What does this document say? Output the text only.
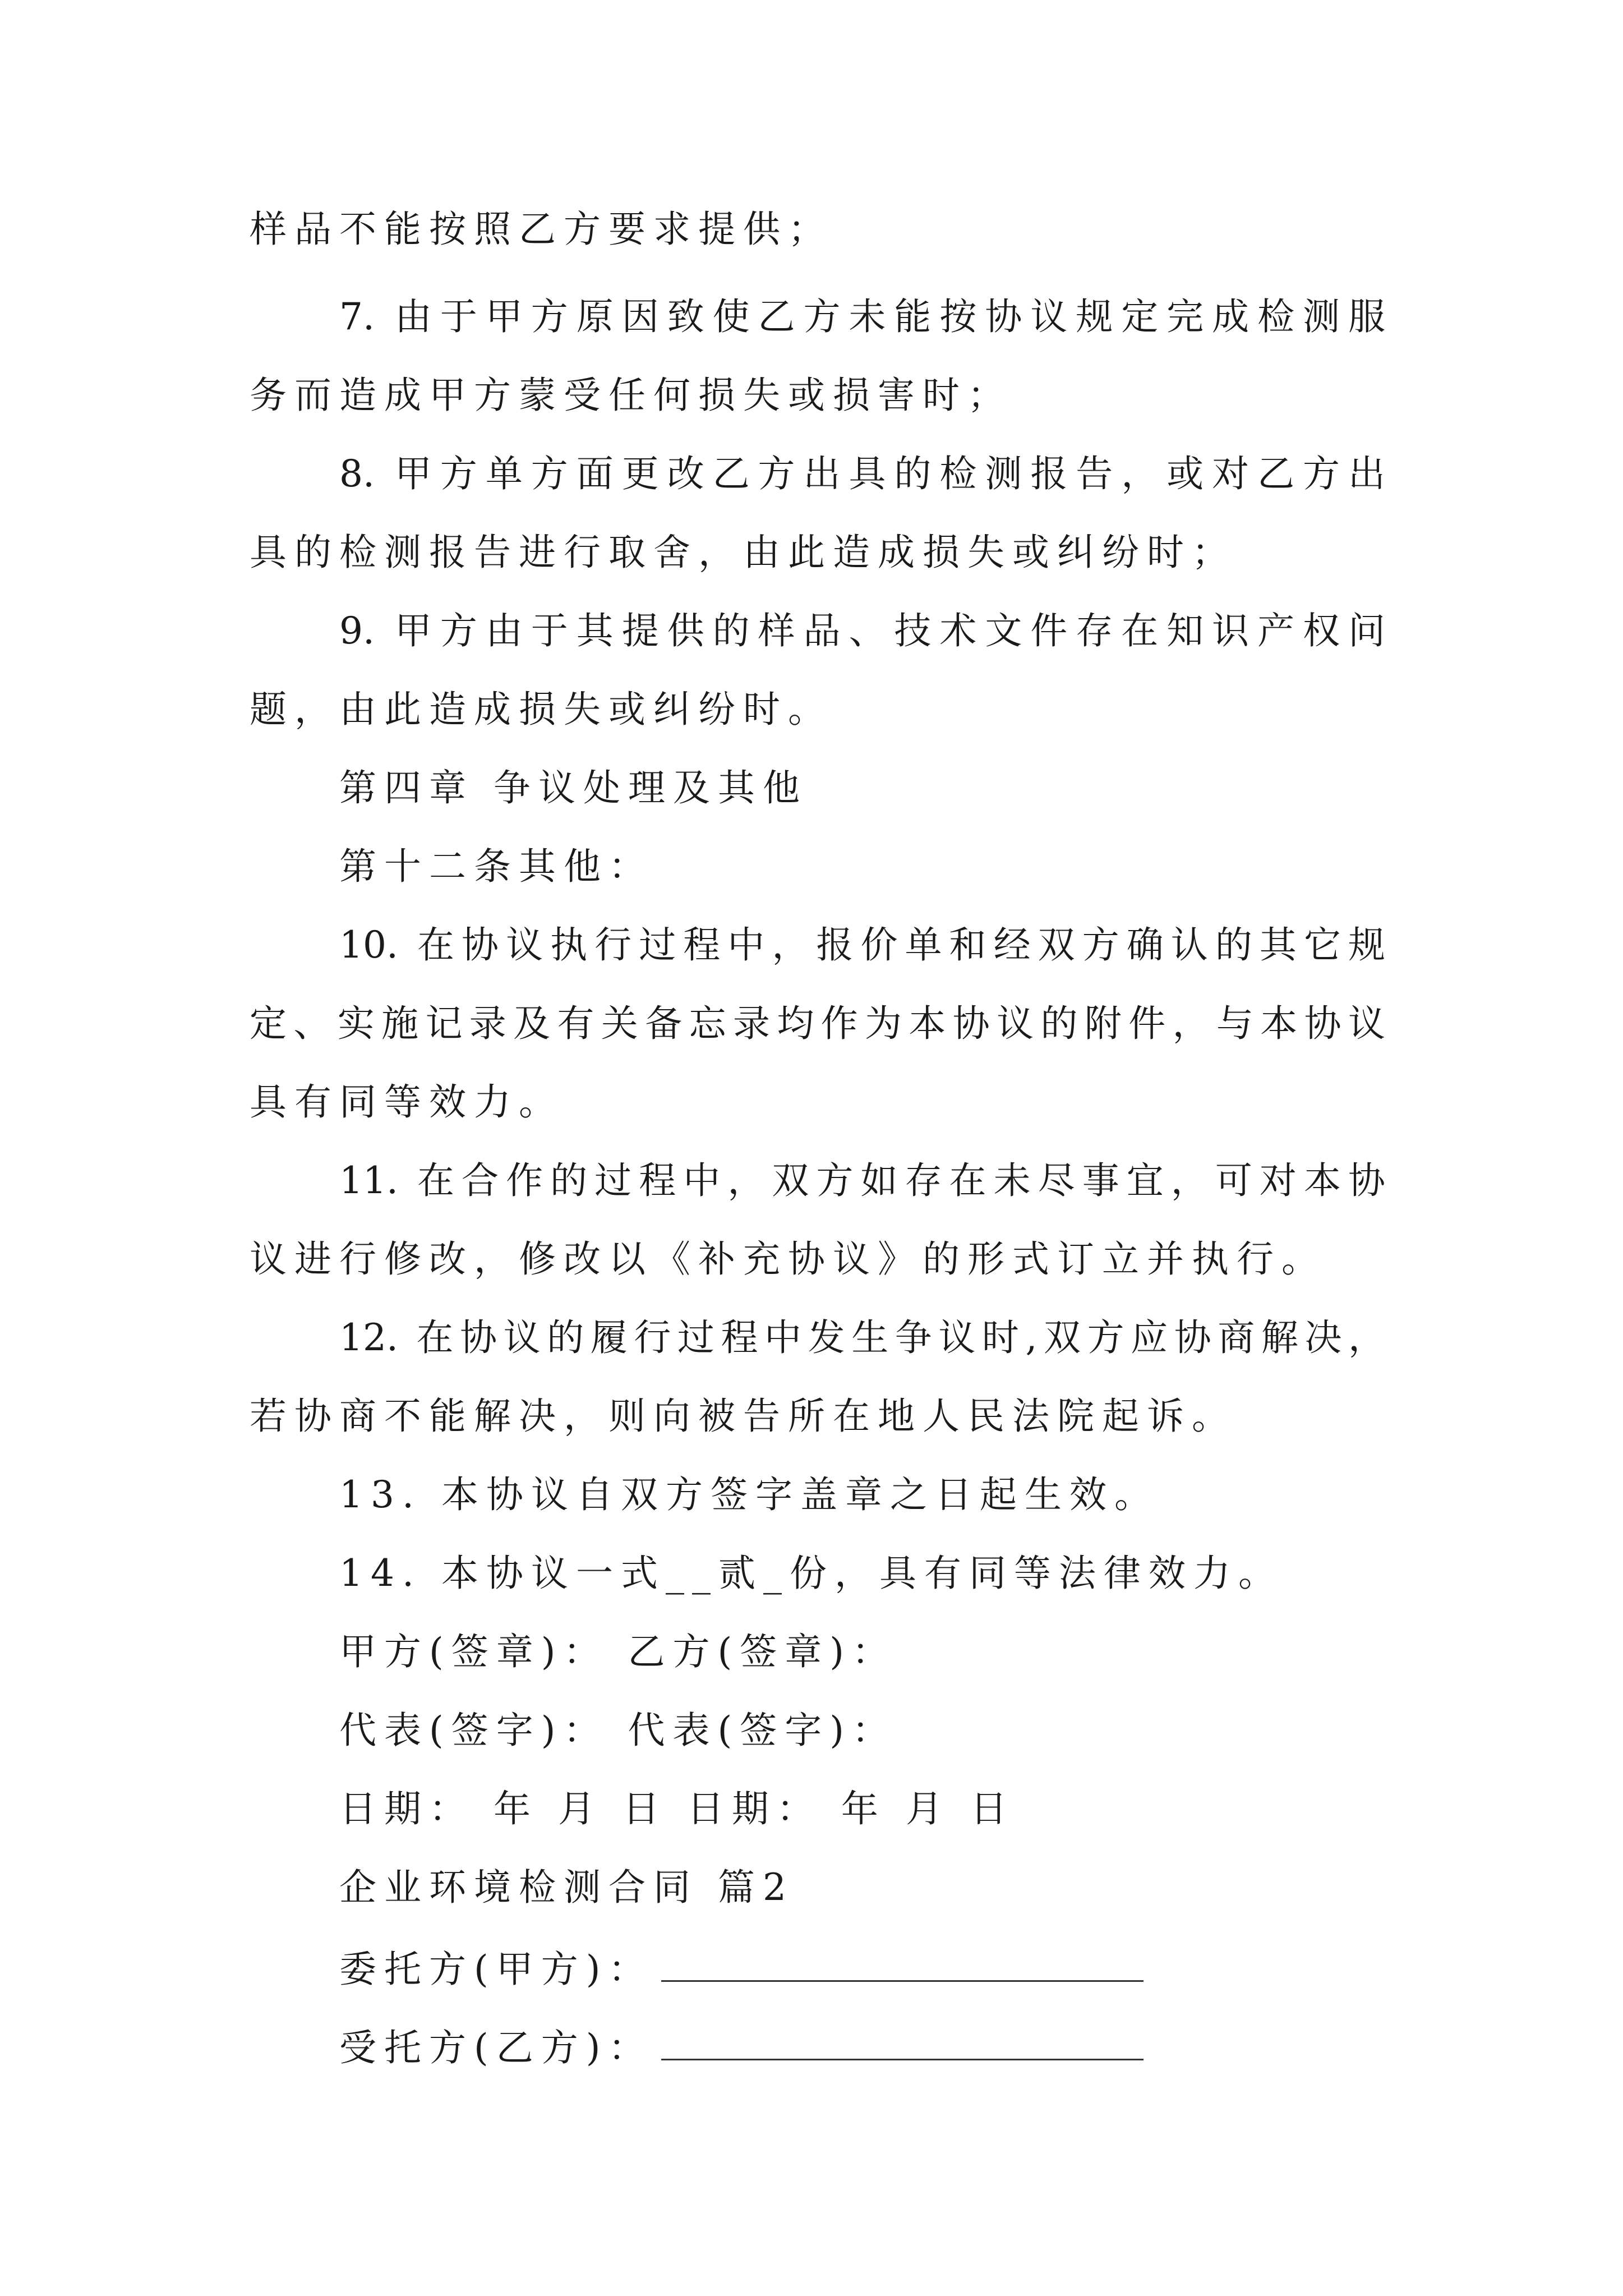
样品不能按照乙方要求提供；

7. 由于甲方原因致使乙方未能按协议规定完成检测服

务而造成甲方蒙受任何损失或损害时；

8. 甲方单方面更改乙方出具的检测报告，或对乙方出

具的检测报告进行取舍，由此造成损失或纠纷时；

9. 甲方由于其提供的样品、技术文件存在知识产权问

题，由此造成损失或纠纷时。

第四章 争议处理及其他

第十二条其他：

10. 在协议执行过程中，报价单和经双方确认的其它规

定、实施记录及有关备忘录均作为本协议的附件，与本协议

具有同等效力。

11. 在合作的过程中，双方如存在未尽事宜，可对本协

议进行修改，修改以《补充协议》的形式订立并执行。

12. 在协议的履行过程中发生争议时,双方应协商解决，

若协商不能解决，则向被告所在地人民法院起诉。

13. 本协议自双方签字盖章之日起生效。

14. 本协议一式__贰_份，具有同等法律效力。

甲方(签章)： 乙方(签章)：

代表(签字)： 代表(签字)：

日期： 年 月 日 日期： 年 月 日

企业环境检测合同 篇2

委托方(甲方)：

受托方(乙方)：
